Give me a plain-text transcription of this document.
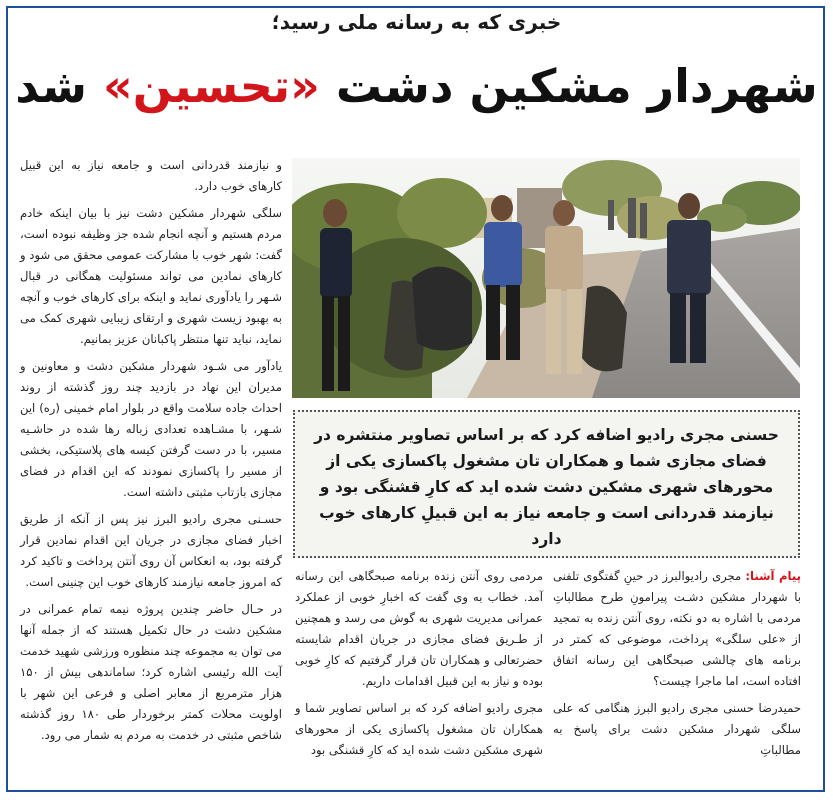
خبری که به رسانه ملی رسید؛
شهردار مشکین دشت «تحسین» شد

و نیازمند قدردانی است و جامعه نیاز به این قبیل کارهای خوب دارد.

سلگی شهردار مشکین دشت نیز با بیان اینکه خادم مردم هستیم و آنچه انجام شده جز وظیفه نبوده است، گفت: شهر خوب با مشارکت عمومی محقق می شود و کارهای نمادین می تواند مسئولیت همگانی در قبال شـهر را یادآوری نماید و اینکه برای کارهای خوب و آنچه به بهبود زیست شهری و ارتقای زیبایی شهری کمک می نماید، نباید تنها منتظر پاکبانان عزیز بمانیم.

یادآور می شـود شهردار مشکین دشت و معاونین و مدیران این نهاد در بازدید چند روز گذشته از روند احداث جاده سلامت واقع در بلوار امام خمینی (ره) این شـهر، با مشـاهده تعدادی زباله رها شده در حاشـیه مسیر، با در دست گرفتن کیسه های پلاستیکی، بخشی از مسیر را پاکسازی نمودند که این اقدام در فضای مجازی بازتاب مثبتی داشته است.

حسـنی مجری رادیو البرز نیز پس از آنکه از طریق اخبار فضای مجازی در جریان این اقدام نمادین قرار گرفته بود، به انعکاس آن روی آنتن پرداخت و تاکید کرد که امروز جامعه نیازمند کارهای خوب این چنینی است.

در حـال حاضر چندین پروژه نیمه تمام عمرانی در مشکین دشت در حال تکمیل هستند که از جمله آنها می توان به مجموعه چند منظوره ورزشی شهید خدمت آیت الله رئیسی اشاره کرد؛ ساماندهی بیش از ۱۵۰ هزار مترمربع از معابر اصلی و فرعی این شهر با اولویت محلات کمتر برخوردار طی ۱۸۰ روز گذشته شاخص مثبتی در خدمت به مردم به شمار می رود.

حسنی مجری رادیو اضافه کرد که بر اساس تصاویر منتشره در فضای مجازی شما و همکاران تان مشغول پاکسازی یکی از محورهای شهری مشکین دشت شده اید که کارِ قشنگی بود و نیازمند قدردانی است و جامعه نیاز به این قبیلِ کارهای خوب دارد

مردمی روی آنتن زنده برنامه صبحگاهی این رسانه آمد. خطاب به وی گفت که اخبارِ خوبی از عملکرد عمرانی مدیریت شهری به گوش می رسد و همچنین از طـریق فضای مجازی در جریان اقدام شایسته حضرتعالی و همکاران تان قرار گرفتیم که کارِ خوبی بوده و نیاز به این قبیل اقدامات داریم.

مجری رادیو اضافه کرد که بر اساس تصاویر شما و همکاران تان مشغول پاکسازی یکی از محورهای شهری مشکین دشت شده اید که کارِ قشنگی بود

پیام آشنا: مجری رادیوالبرز در حینِ گفتگوی تلفنی با شهردار مشکین دشـت پیرامونِ طرح مطالباتِ مردمی با اشاره به دو نکته، روی آنتن زنده به تمجید از «علی سلگی» پرداخت، موضوعی که کمتر در برنامه های چالشی صبحگاهی این رسانه اتفاق افتاده است، اما ماجرا چیست؟

حمیدرضا حسنی مجری رادیو البرز هنگامی که علی سلگی شهردار مشکین دشت برای پاسخ به مطالباتِ
